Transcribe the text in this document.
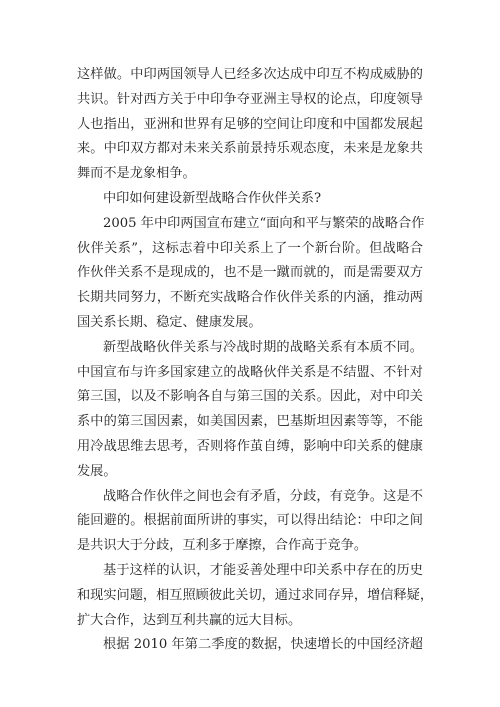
这样做。中印两国领导人已经多次达成中印互不构成威胁的
共识。针对西方关于中印争夺亚洲主导权的论点，印度领导
人也指出，亚洲和世界有足够的空间让印度和中国都发展起
来。中印双方都对未来关系前景持乐观态度，未来是龙象共
舞而不是龙象相争。
中印如何建设新型战略合作伙伴关系?
2005 年中印两国宣布建立“面向和平与繁荣的战略合作
伙伴关系”，这标志着中印关系上了一个新台阶。但战略合
作伙伴关系不是现成的，也不是一蹴而就的，而是需要双方
长期共同努力，不断充实战略合作伙伴关系的内涵，推动两
国关系长期、稳定、健康发展。
新型战略伙伴关系与冷战时期的战略关系有本质不同。
中国宣布与许多国家建立的战略伙伴关系是不结盟、不针对
第三国，以及不影响各自与第三国的关系。因此，对中印关
系中的第三国因素，如美国因素，巴基斯坦因素等等，不能
用冷战思维去思考，否则将作茧自缚，影响中印关系的健康
发展。
战略合作伙伴之间也会有矛盾，分歧，有竞争。这是不
能回避的。根据前面所讲的事实，可以得出结论：中印之间
是共识大于分歧，互利多于摩擦，合作高于竞争。
基于这样的认识，才能妥善处理中印关系中存在的历史
和现实问题，相互照顾彼此关切，通过求同存异，增信释疑，
扩大合作，达到互利共赢的远大目标。
根据 2010 年第二季度的数据，快速增长的中国经济超
